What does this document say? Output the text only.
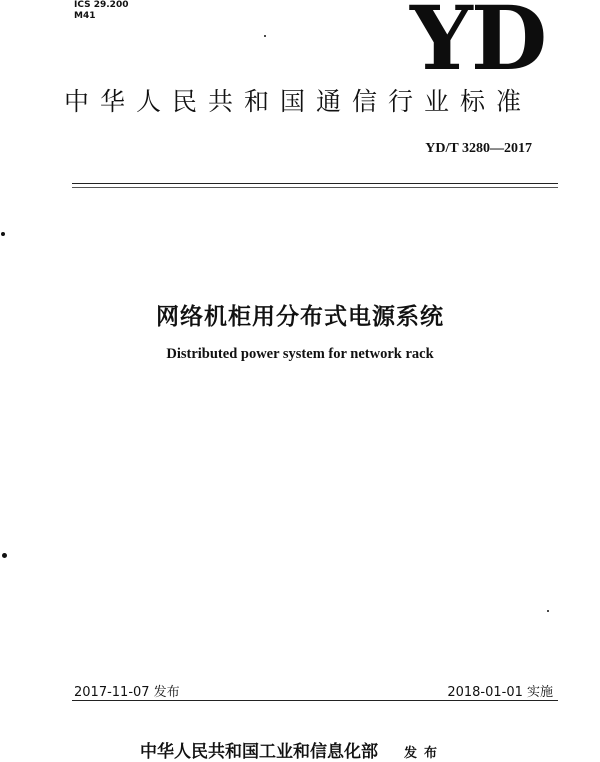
ICS 29.200
M41	YD
中华人民共和国通信行业标准
YD/T 3280—2017
网络机柜用分布式电源系统
Distributed power system for network rack
2017-11-07 发布	2018-01-01 实施
中华人民共和国工业和信息化部 发布
